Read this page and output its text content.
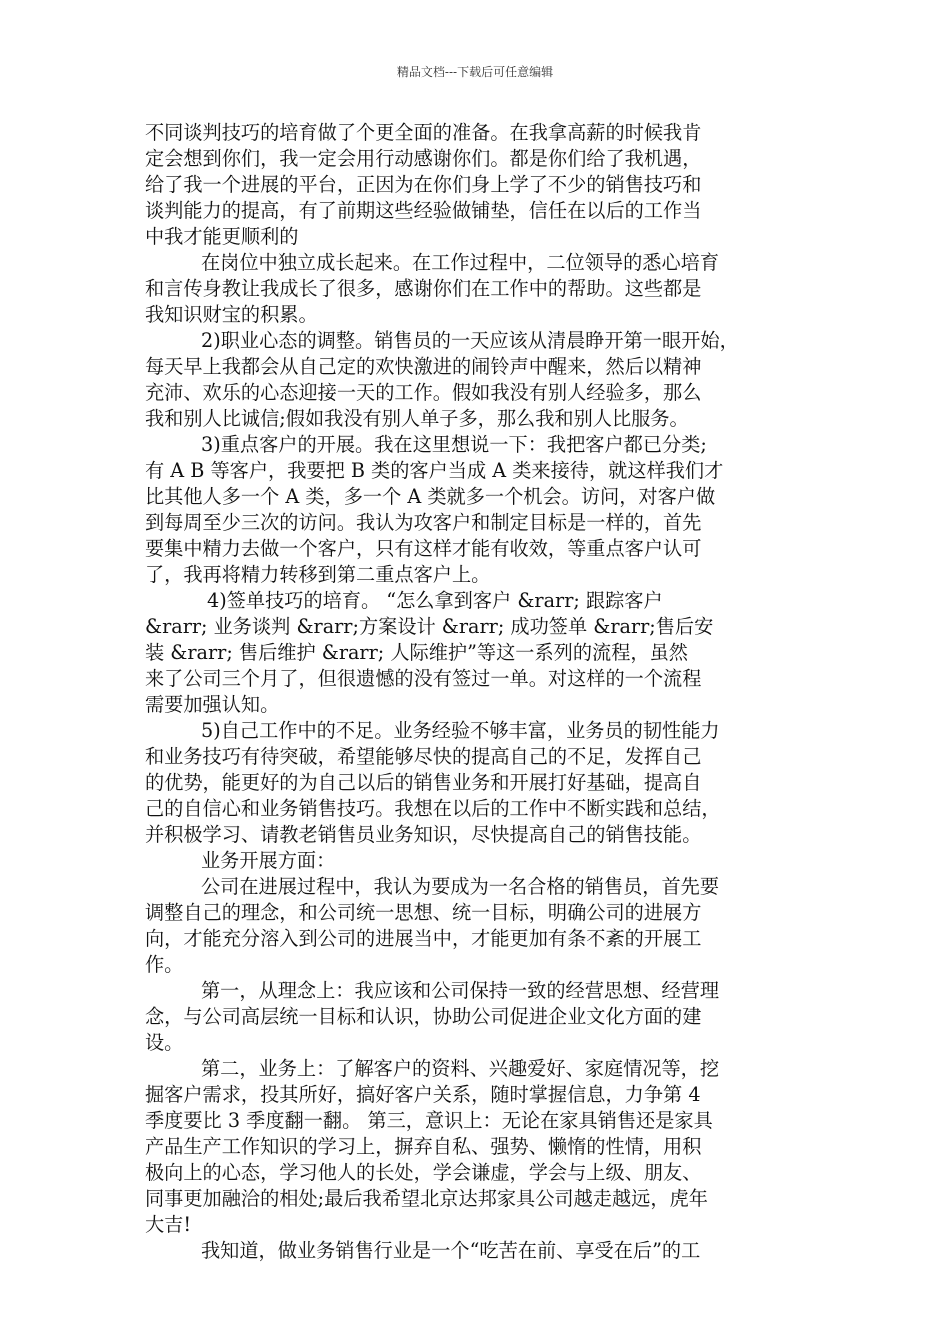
精品文档---下载后可任意编辑
不同谈判技巧的培育做了个更全面的准备。在我拿高薪的时候我肯
定会想到你们，我一定会用行动感谢你们。都是你们给了我机遇，
给了我一个进展的平台，正因为在你们身上学了不少的销售技巧和
谈判能力的提高，有了前期这些经验做铺垫，信任在以后的工作当
中我才能更顺利的
在岗位中独立成长起来。在工作过程中，二位领导的悉心培育
和言传身教让我成长了很多，感谢你们在工作中的帮助。这些都是
我知识财宝的积累。
2)职业心态的调整。销售员的一天应该从清晨睁开第一眼开始，
每天早上我都会从自己定的欢快激进的闹铃声中醒来，然后以精神
充沛、欢乐的心态迎接一天的工作。假如我没有别人经验多，那么
我和别人比诚信;假如我没有别人单子多，那么我和别人比服务。
3)重点客户的开展。我在这里想说一下：我把客户都已分类;
有 A B 等客户，我要把 B 类的客户当成 A 类来接待，就这样我们才
比其他人多一个 A 类，多一个 A 类就多一个机会。访问，对客户做
到每周至少三次的访问。我认为攻客户和制定目标是一样的，首先
要集中精力去做一个客户，只有这样才能有收效，等重点客户认可
了，我再将精力转移到第二重点客户上。
4)签单技巧的培育。 “怎么拿到客户 &rarr; 跟踪客户
&rarr; 业务谈判 &rarr;方案设计 &rarr; 成功签单 &rarr;售后安
装 &rarr; 售后维护 &rarr; 人际维护”等这一系列的流程，虽然
来了公司三个月了，但很遗憾的没有签过一单。对这样的一个流程
需要加强认知。
5)自己工作中的不足。业务经验不够丰富，业务员的韧性能力
和业务技巧有待突破，希望能够尽快的提高自己的不足，发挥自己
的优势，能更好的为自己以后的销售业务和开展打好基础，提高自
己的自信心和业务销售技巧。我想在以后的工作中不断实践和总结，
并积极学习、请教老销售员业务知识，尽快提高自己的销售技能。
业务开展方面：
公司在进展过程中，我认为要成为一名合格的销售员，首先要
调整自己的理念，和公司统一思想、统一目标，明确公司的进展方
向，才能充分溶入到公司的进展当中，才能更加有条不紊的开展工
作。
第一，从理念上：我应该和公司保持一致的经营思想、经营理
念，与公司高层统一目标和认识，协助公司促进企业文化方面的建
设。
第二，业务上：了解客户的资料、兴趣爱好、家庭情况等，挖
掘客户需求，投其所好，搞好客户关系，随时掌握信息，力争第 4
季度要比 3 季度翻一翻。 第三，意识上：无论在家具销售还是家具
产品生产工作知识的学习上，摒弃自私、强势、懒惰的性情，用积
极向上的心态，学习他人的长处，学会谦虚，学会与上级、朋友、
同事更加融洽的相处;最后我希望北京达邦家具公司越走越远，虎年
大吉!
我知道，做业务销售行业是一个“吃苦在前、享受在后”的工
